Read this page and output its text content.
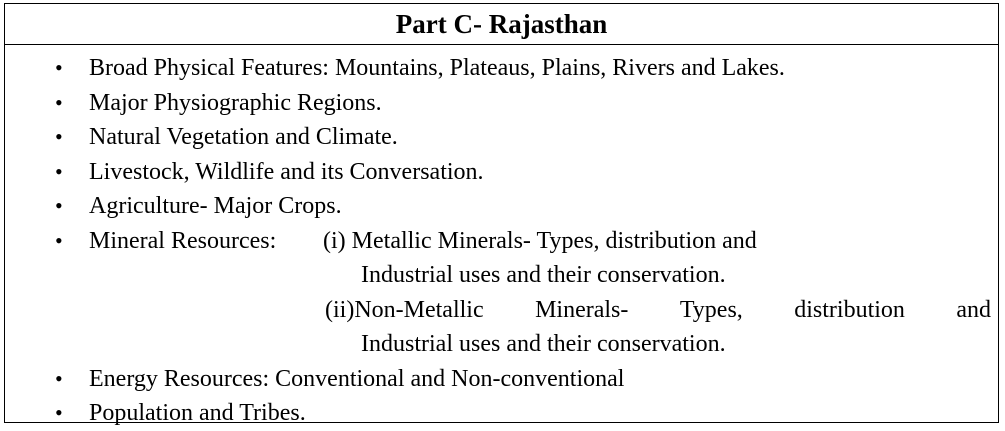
Part C- Rajasthan
• Broad Physical Features: Mountains, Plateaus, Plains, Rivers and Lakes.
• Major Physiographic Regions.
• Natural Vegetation and Climate.
• Livestock, Wildlife and its Conversation.
• Agriculture- Major Crops.
• Mineral Resources: (i) Metallic Minerals- Types, distribution and
Industrial uses and their conservation.
(ii)Non-Metallic Minerals- Types, distribution and
Industrial uses and their conservation.
• Energy Resources: Conventional and Non-conventional
• Population and Tribes.
